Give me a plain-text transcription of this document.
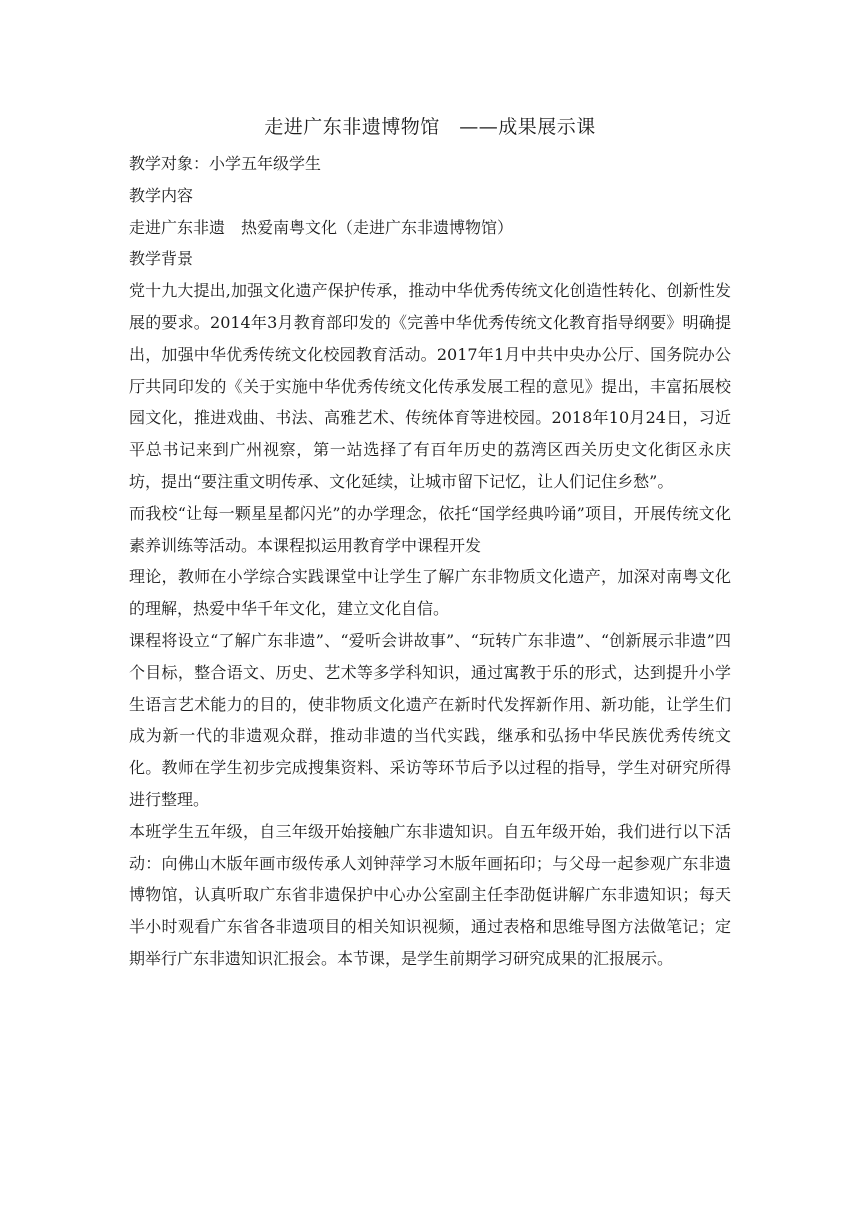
走进广东非遗博物馆　——成果展示课

教学对象：小学五年级学生

教学内容

走进广东非遗　热爱南粤文化（走进广东非遗博物馆）

教学背景

党十九大提出,加强文化遗产保护传承，推动中华优秀传统文化创造性转化、创新性发展的要求。2014年3月教育部印发的《完善中华优秀传统文化教育指导纲要》明确提出，加强中华优秀传统文化校园教育活动。2017年1月中共中央办公厅、国务院办公厅共同印发的《关于实施中华优秀传统文化传承发展工程的意见》提出，丰富拓展校园文化，推进戏曲、书法、高雅艺术、传统体育等进校园。2018年10月24日，习近平总书记来到广州视察，第一站选择了有百年历史的荔湾区西关历史文化街区永庆坊，提出“要注重文明传承、文化延续，让城市留下记忆，让人们记住乡愁”。

而我校“让每一颗星星都闪光”的办学理念，依托“国学经典吟诵”项目，开展传统文化素养训练等活动。本课程拟运用教育学中课程开发

理论，教师在小学综合实践课堂中让学生了解广东非物质文化遗产，加深对南粤文化的理解，热爱中华千年文化，建立文化自信。

课程将设立“了解广东非遗”、“爱听会讲故事”、“玩转广东非遗”、“创新展示非遗”四个目标，整合语文、历史、艺术等多学科知识，通过寓教于乐的形式，达到提升小学生语言艺术能力的目的，使非物质文化遗产在新时代发挥新作用、新功能，让学生们成为新一代的非遗观众群，推动非遗的当代实践，继承和弘扬中华民族优秀传统文化。教师在学生初步完成搜集资料、采访等环节后予以过程的指导，学生对研究所得进行整理。

本班学生五年级，自三年级开始接触广东非遗知识。自五年级开始，我们进行以下活动：向佛山木版年画市级传承人刘钟萍学习木版年画拓印；与父母一起参观广东非遗博物馆，认真听取广东省非遗保护中心办公室副主任李劭侹讲解广东非遗知识；每天半小时观看广东省各非遗项目的相关知识视频，通过表格和思维导图方法做笔记；定期举行广东非遗知识汇报会。本节课，是学生前期学习研究成果的汇报展示。
